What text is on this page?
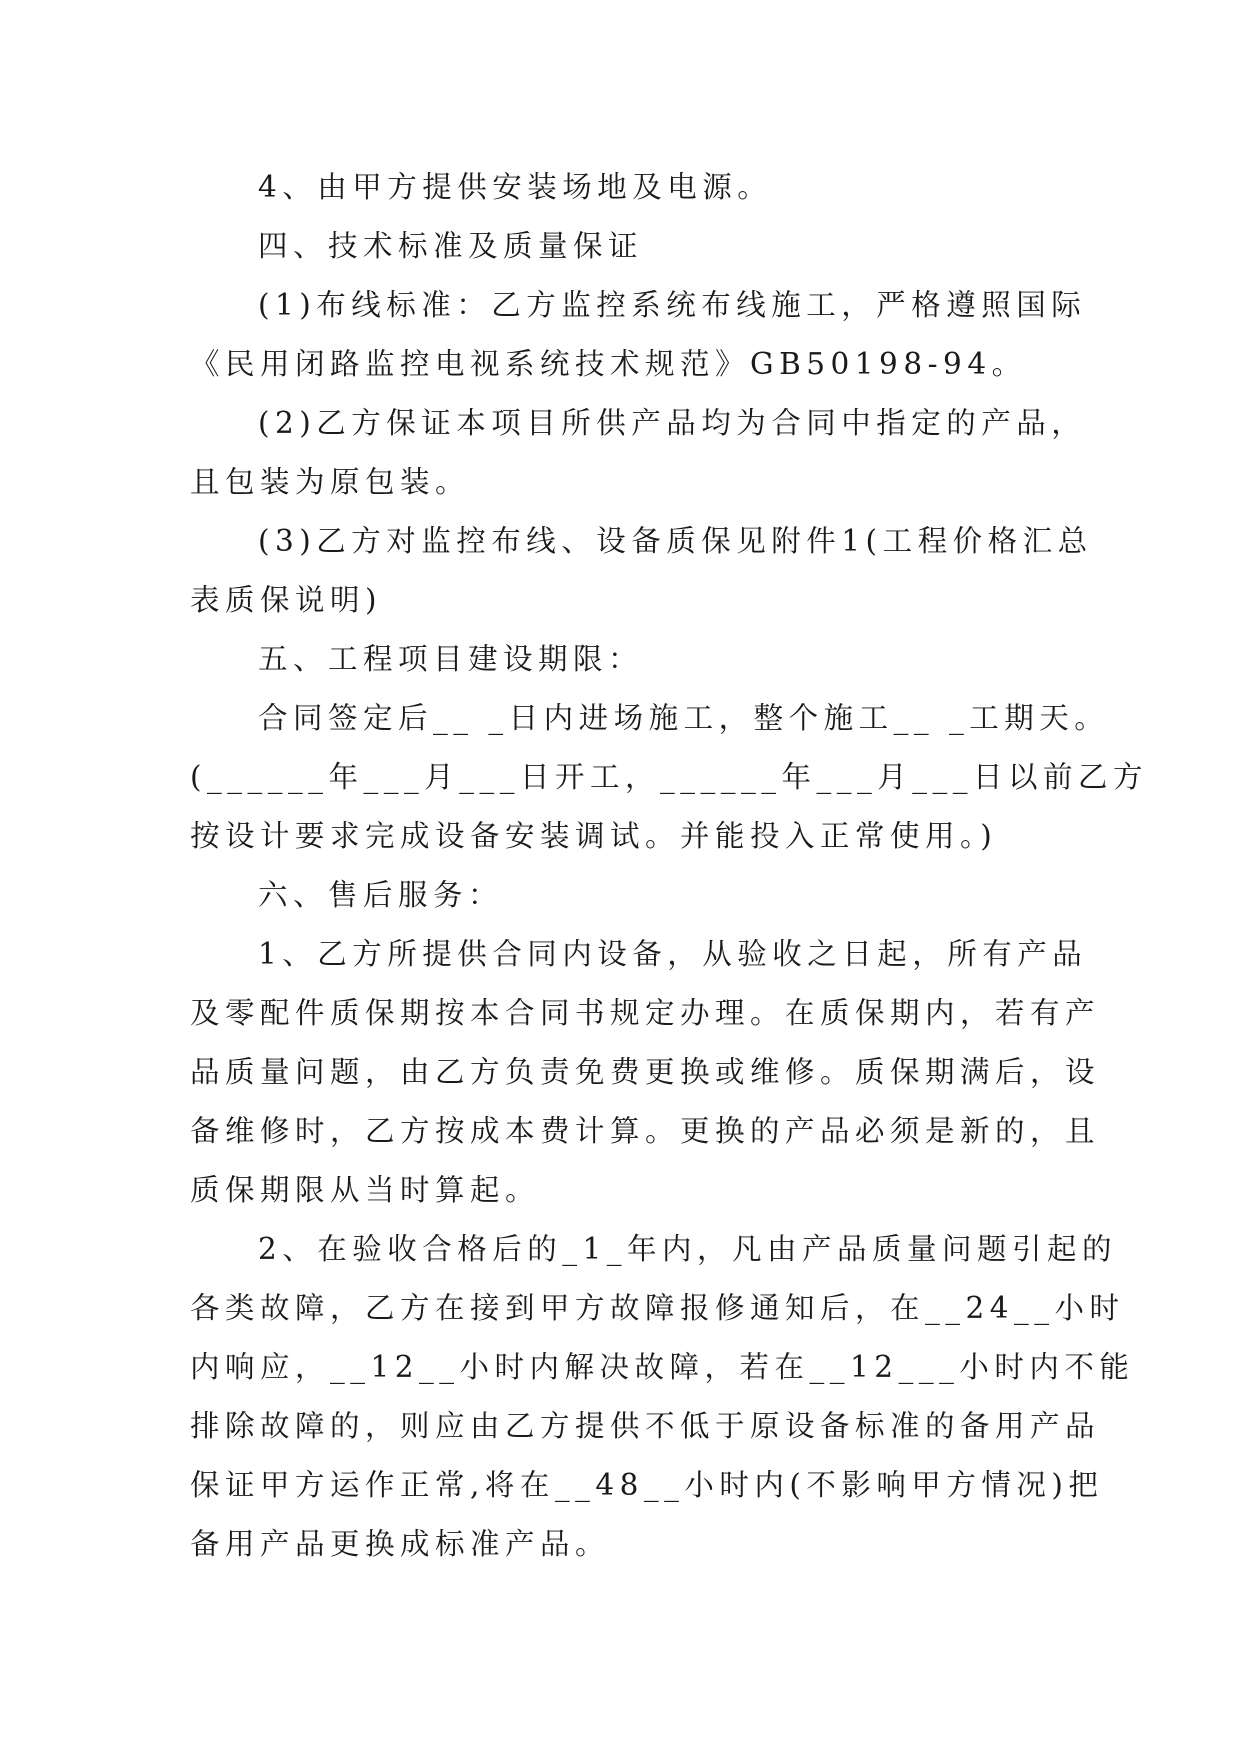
4、由甲方提供安装场地及电源。
四、技术标准及质量保证
(1)布线标准：乙方监控系统布线施工，严格遵照国际
《民用闭路监控电视系统技术规范》GB50198-94。
(2)乙方保证本项目所供产品均为合同中指定的产品，
且包装为原包装。
(3)乙方对监控布线、设备质保见附件1(工程价格汇总
表质保说明)
五、工程项目建设期限：
合同签定后__ _日内进场施工，整个施工__ _工期天。
(______年___月___日开工，______年___月___日以前乙方
按设计要求完成设备安装调试。并能投入正常使用。)
六、售后服务：
1、乙方所提供合同内设备，从验收之日起，所有产品
及零配件质保期按本合同书规定办理。在质保期内，若有产
品质量问题，由乙方负责免费更换或维修。质保期满后，设
备维修时，乙方按成本费计算。更换的产品必须是新的，且
质保期限从当时算起。
2、在验收合格后的_1_年内，凡由产品质量问题引起的
各类故障，乙方在接到甲方故障报修通知后，在__24__小时
内响应，__12__小时内解决故障，若在__12___小时内不能
排除故障的，则应由乙方提供不低于原设备标准的备用产品
保证甲方运作正常,将在__48__小时内(不影响甲方情况)把
备用产品更换成标准产品。
